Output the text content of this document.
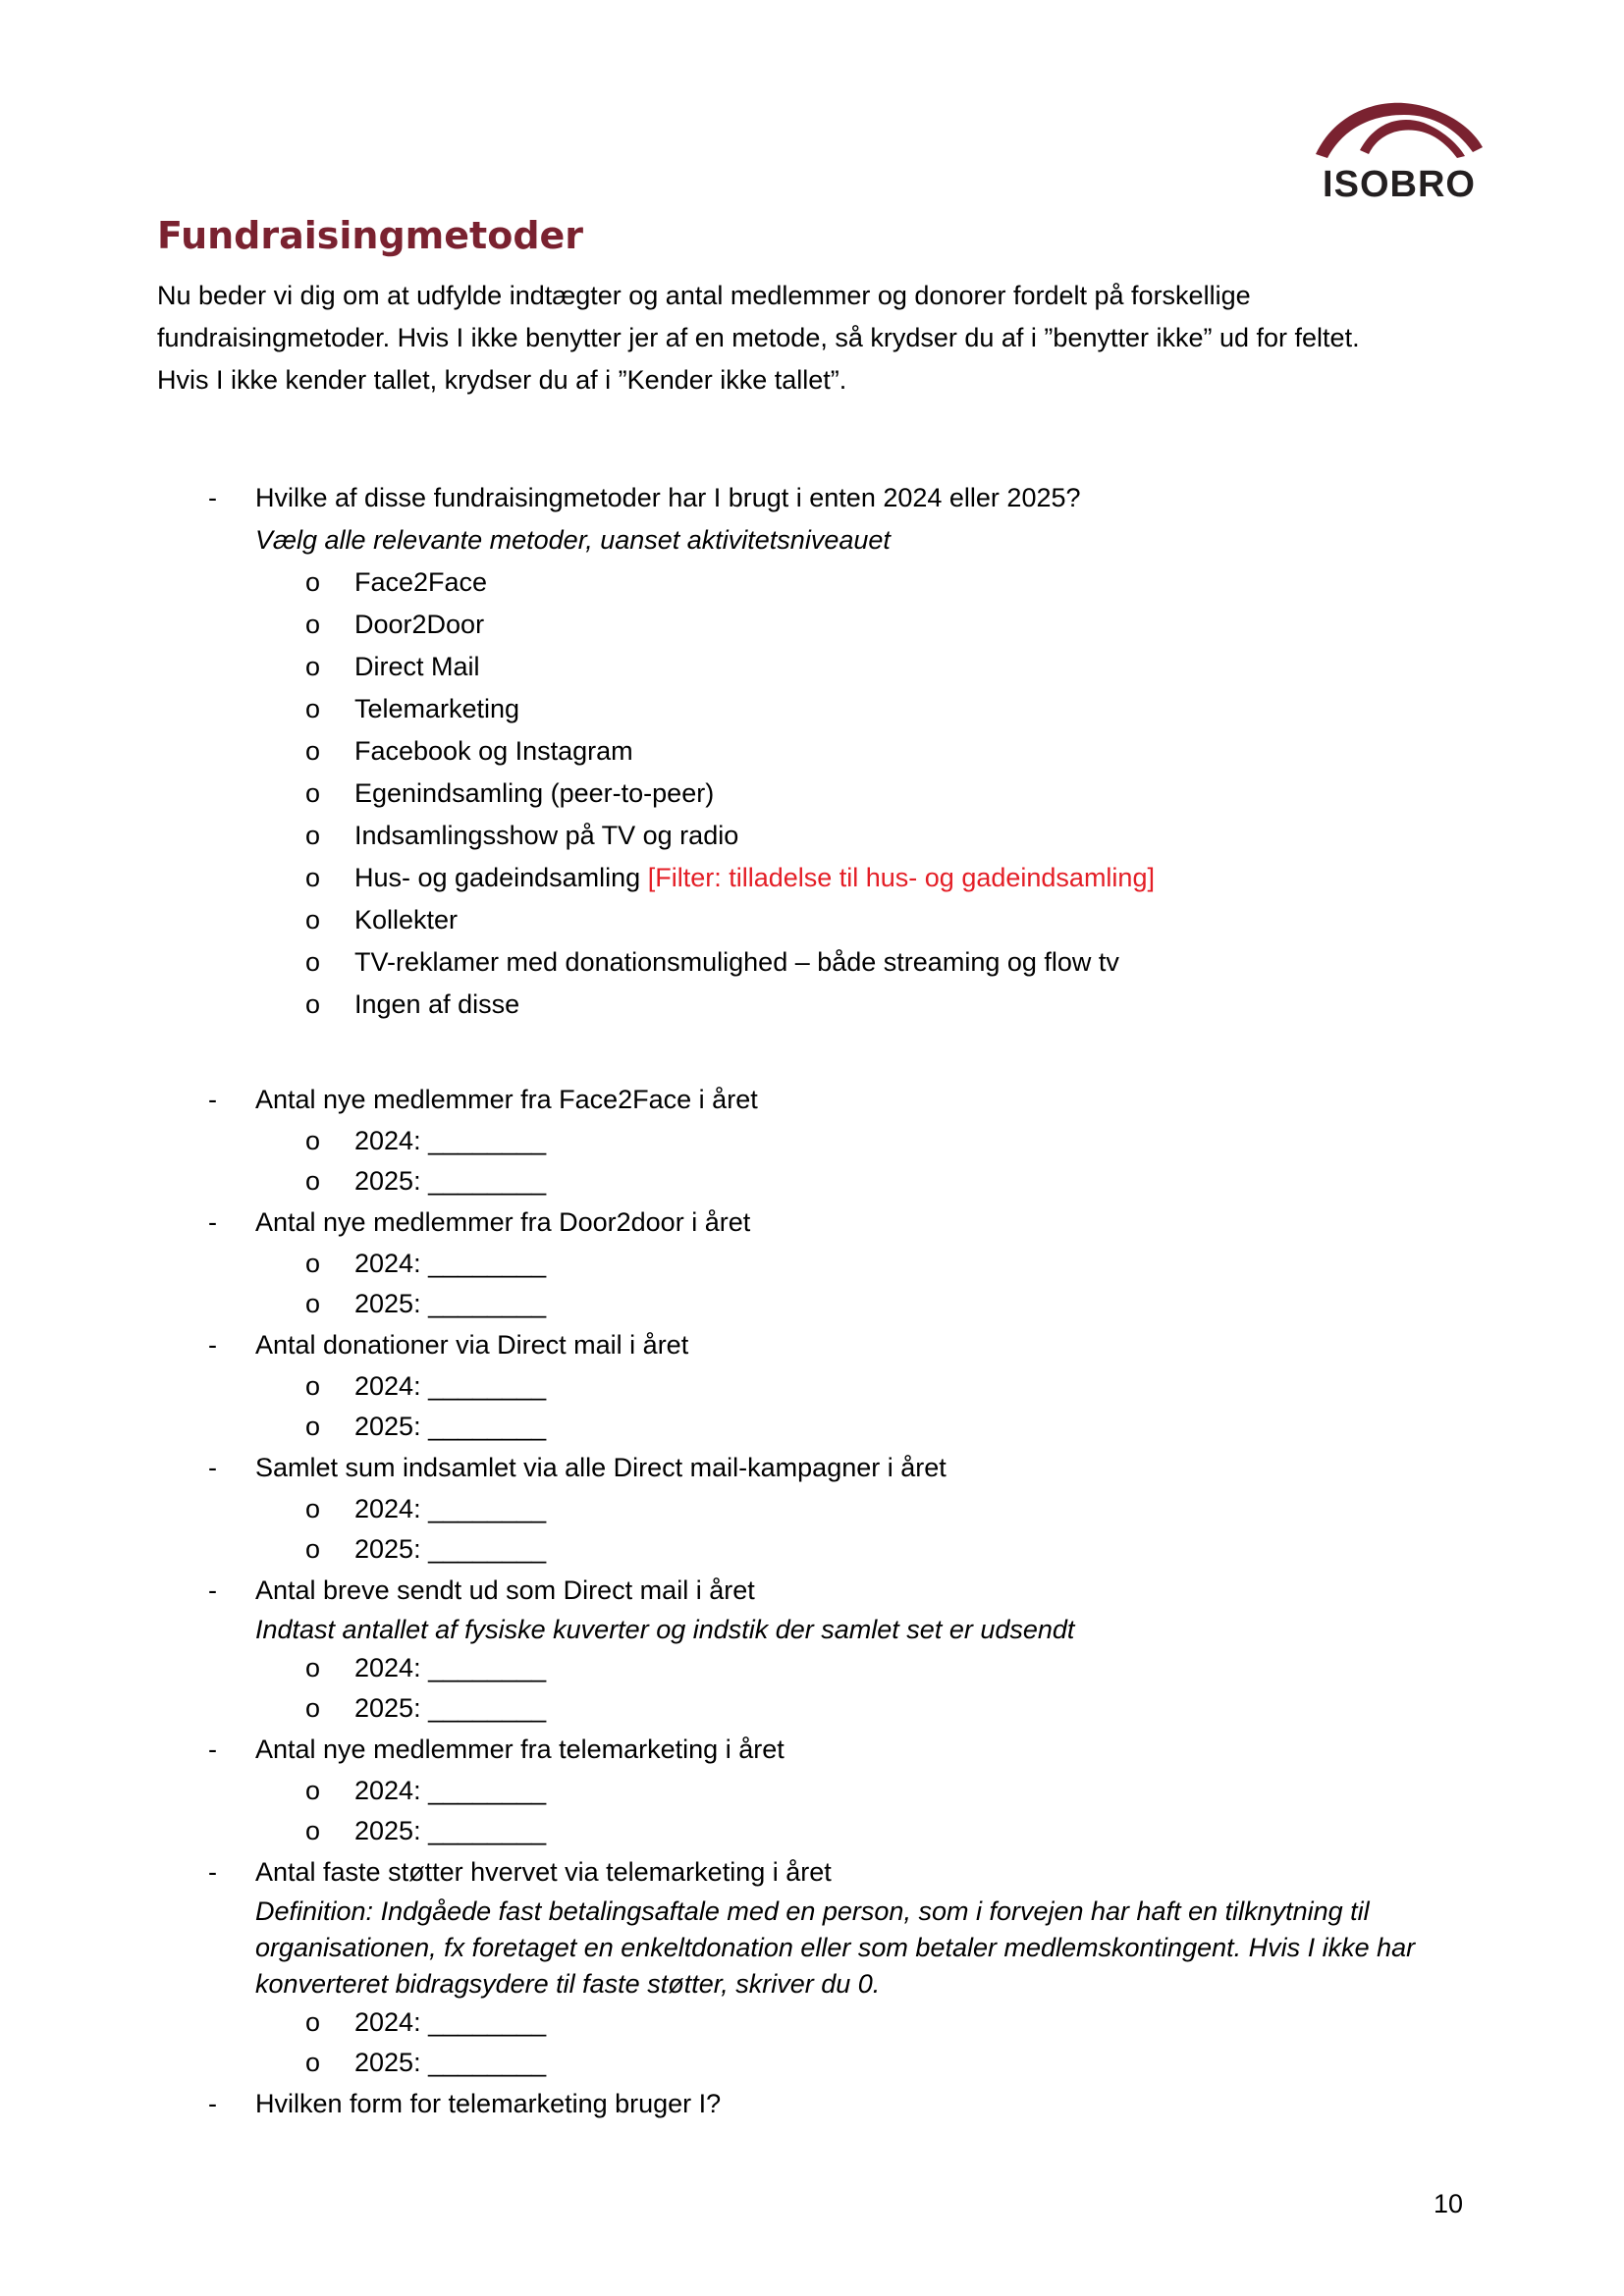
ISOBRO
Fundraisingmetoder

Nu beder vi dig om at udfylde indtægter og antal medlemmer og donorer fordelt på forskellige

fundraisingmetoder. Hvis I ikke benytter jer af en metode, så krydser du af i ”benytter ikke” ud for feltet.

Hvis I ikke kender tallet, krydser du af i ”Kender ikke tallet”.

- Hvilke af disse fundraisingmetoder har I brugt i enten 2024 eller 2025?
Vælg alle relevante metoder, uanset aktivitetsniveauet
o Face2Face
o Door2Door
o Direct Mail
o Telemarketing
o Facebook og Instagram
o Egenindsamling (peer-to-peer)
o Indsamlingsshow på TV og radio
o Hus- og gadeindsamling [Filter: tilladelse til hus- og gadeindsamling]
o Kollekter
o TV-reklamer med donationsmulighed – både streaming og flow tv
o Ingen af disse
- Antal nye medlemmer fra Face2Face i året
o 2024: ________
o 2025: ________
- Antal nye medlemmer fra Door2door i året
o 2024: ________
o 2025: ________
- Antal donationer via Direct mail i året
o 2024: ________
o 2025: ________
- Samlet sum indsamlet via alle Direct mail-kampagner i året
o 2024: ________
o 2025: ________
- Antal breve sendt ud som Direct mail i året
Indtast antallet af fysiske kuverter og indstik der samlet set er udsendt
o 2024: ________
o 2025: ________
- Antal nye medlemmer fra telemarketing i året
o 2024: ________
o 2025: ________
- Antal faste støtter hvervet via telemarketing i året
Definition: Indgåede fast betalingsaftale med en person, som i forvejen har haft en tilknytning til organisationen, fx foretaget en enkeltdonation eller som betaler medlemskontingent. Hvis I ikke har konverteret bidragsydere til faste støtter, skriver du 0.
o 2024: ________
o 2025: ________
- Hvilken form for telemarketing bruger I?
10
